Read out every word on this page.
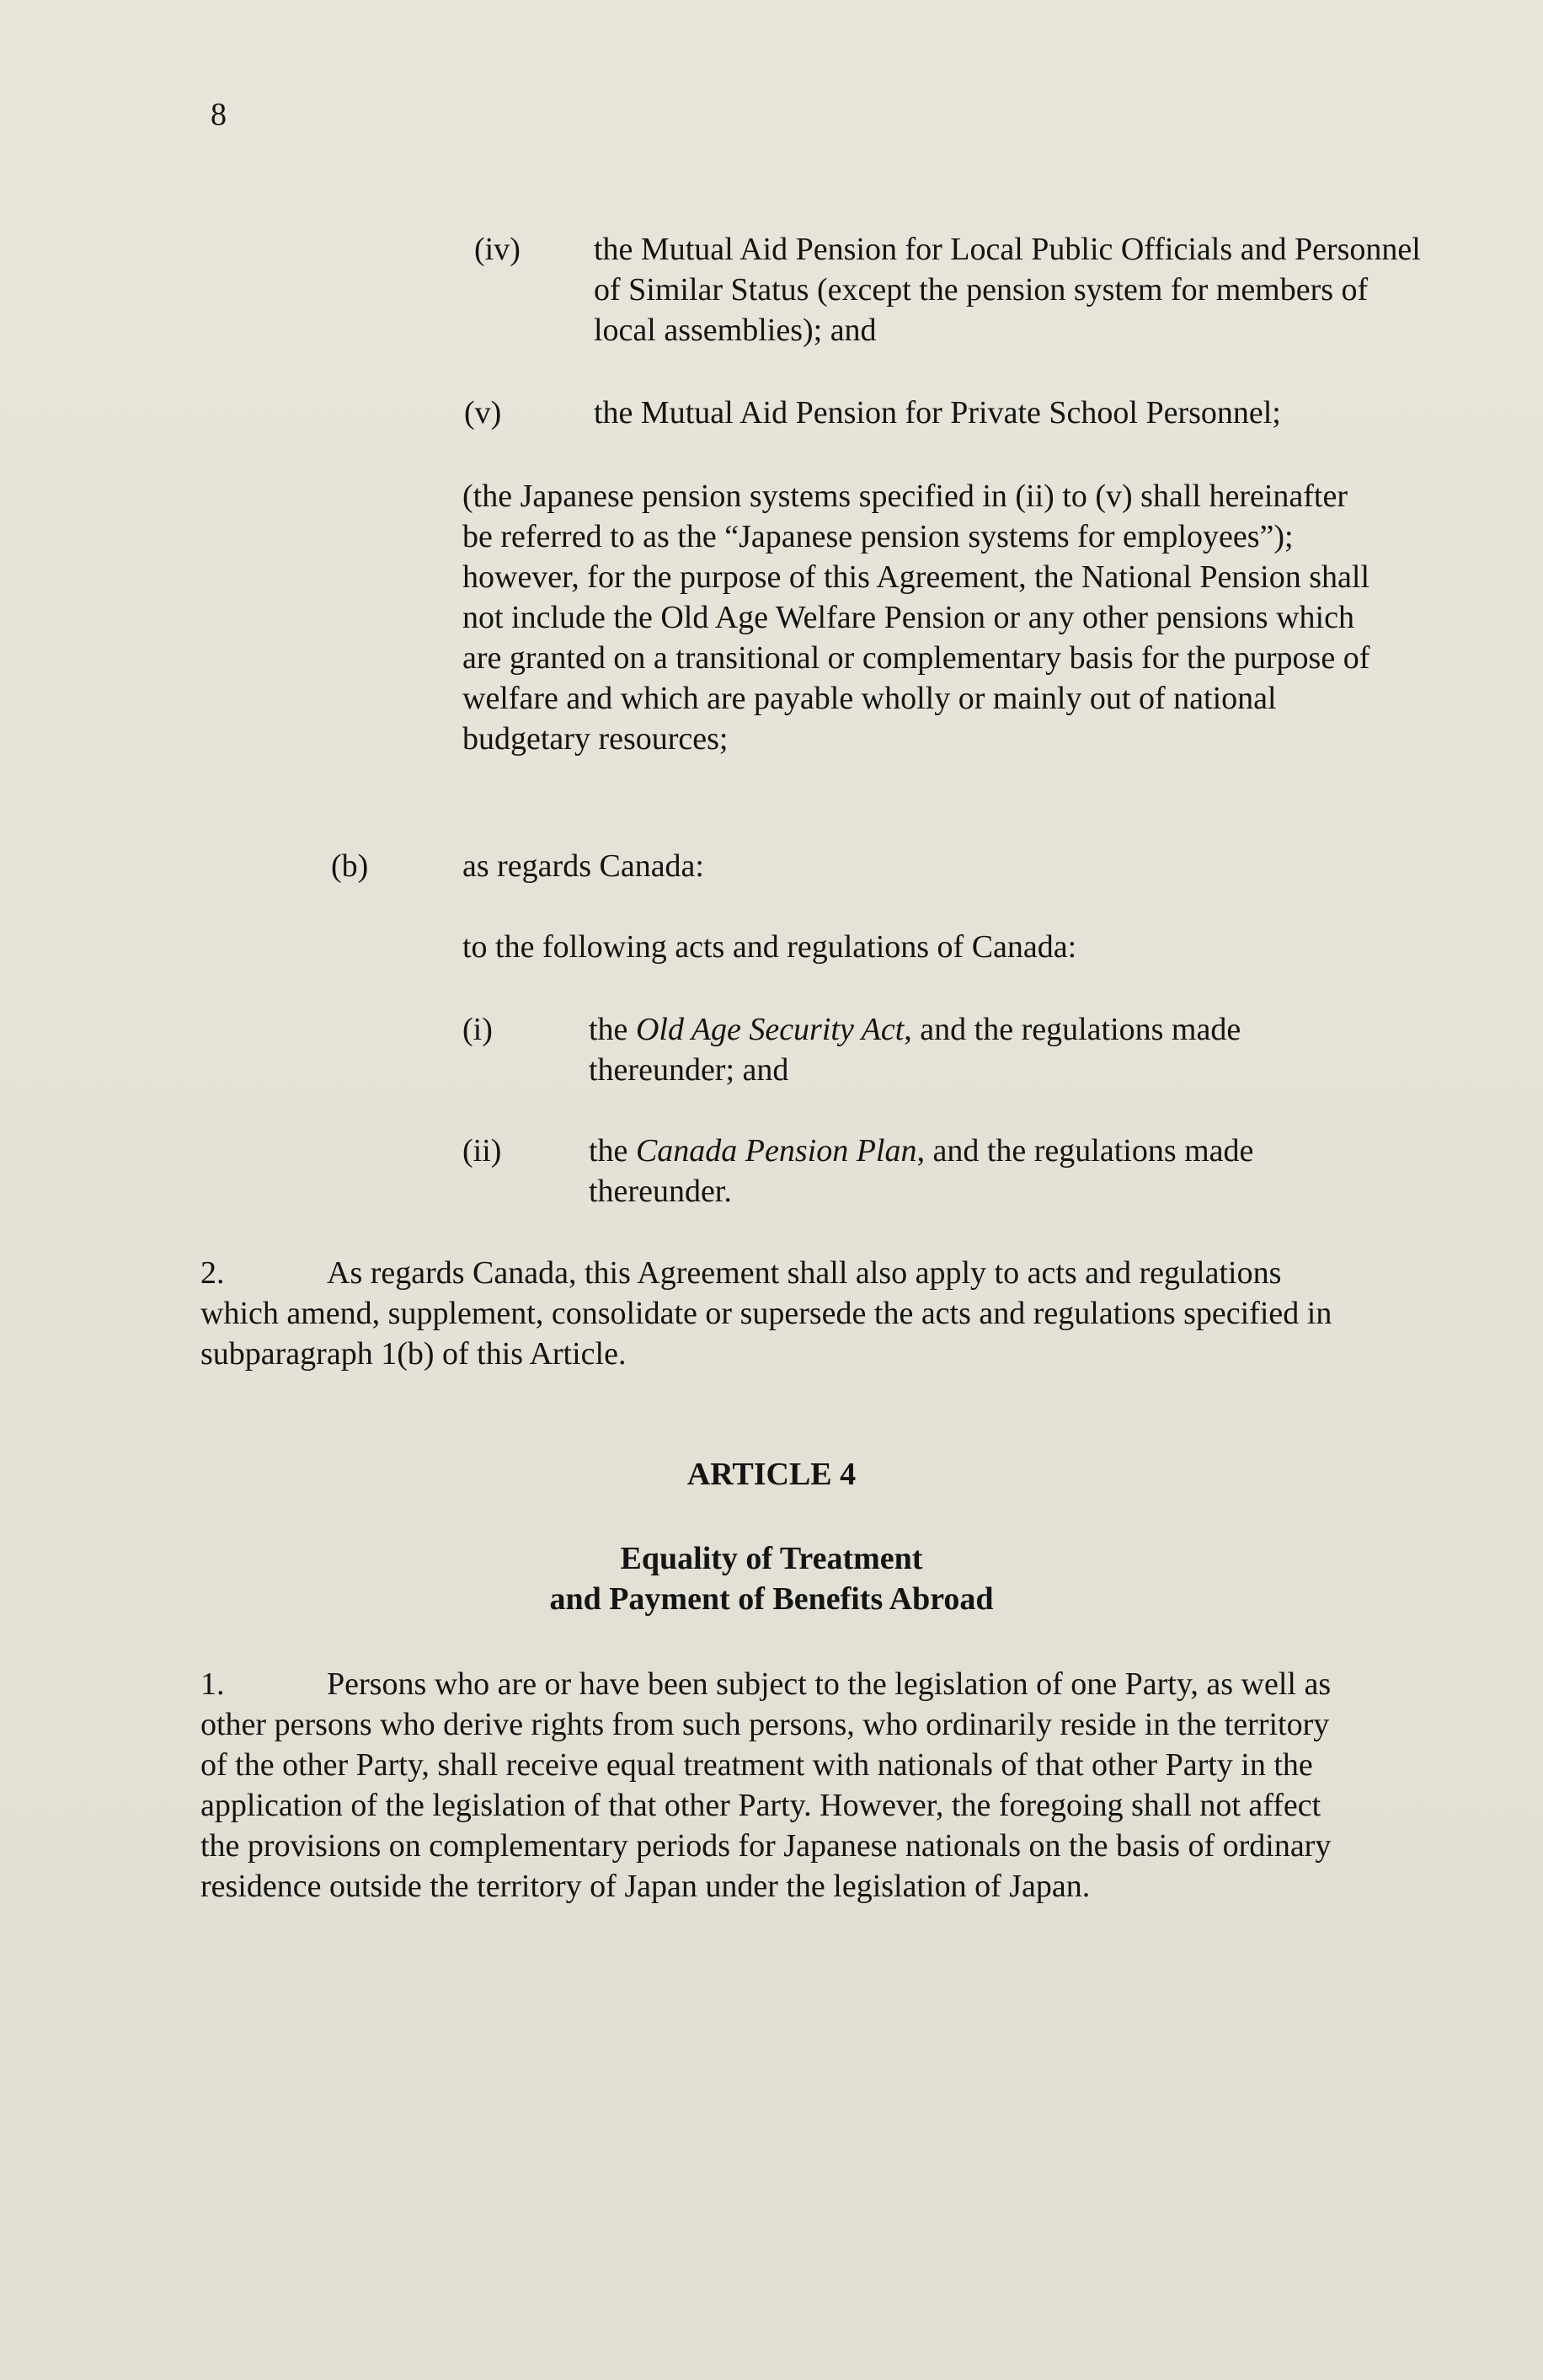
8
(iv) the Mutual Aid Pension for Local Public Officials and Personnel of Similar Status (except the pension system for members of local assemblies); and

(v)	the Mutual Aid Pension for Private School Personnel;

(the Japanese pension systems specified in (ii) to (v) shall hereinafter be referred to as the “Japanese pension systems for employees”); however, for the purpose of this Agreement, the National Pension shall not include the Old Age Welfare Pension or any other pensions which are granted on a transitional or complementary basis for the purpose of welfare and which are payable wholly or mainly out of national budgetary resources;

(b)	as regards Canada:

to the following acts and regulations of Canada:

(i)	the Old Age Security Act, and the regulations made thereunder; and

(ii)	the Canada Pension Plan, and the regulations made thereunder.

2.	As regards Canada, this Agreement shall also apply to acts and regulations which amend, supplement, consolidate or supersede the acts and regulations specified in subparagraph 1(b) of this Article.

ARTICLE 4
Equality of Treatment
and Payment of Benefits Abroad

1.	Persons who are or have been subject to the legislation of one Party, as well as other persons who derive rights from such persons, who ordinarily reside in the territory of the other Party, shall receive equal treatment with nationals of that other Party in the application of the legislation of that other Party. However, the foregoing shall not affect the provisions on complementary periods for Japanese nationals on the basis of ordinary residence outside the territory of Japan under the legislation of Japan.
